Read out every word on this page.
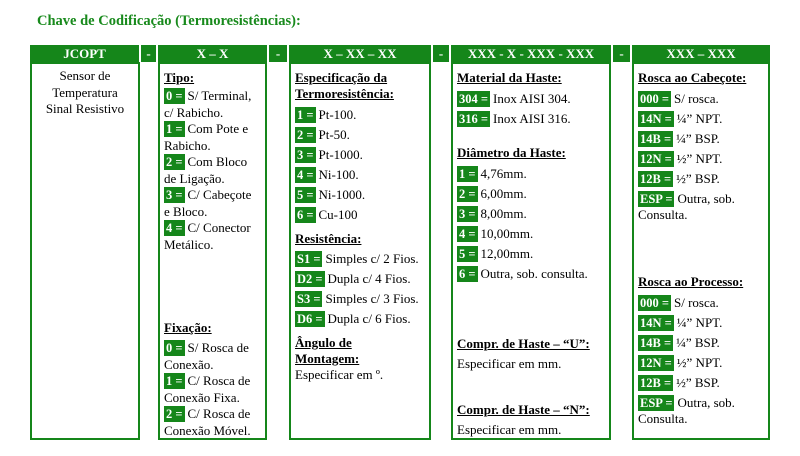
Chave de Codificação (Termoresistências):
JCOPT	-	X – X	-	X – XX – XX	-	XXX - X - XXX - XXX	-	XXX – XXX
Sensor de
Temperatura
Sinal Resistivo
Tipo:
0 = S/ Terminal,
c/ Rabicho.
1 = Com Pote e
Rabicho.
2 = Com Bloco
de Ligação.
3 = C/ Cabeçote
e Bloco.
4 = C/ Conector
Metálico.
Fixação:
0 = S/ Rosca de
Conexão.
1 = C/ Rosca de
Conexão Fixa.
2 = C/ Rosca de
Conexão Móvel.
Especificação da Termoresistência:
1 = Pt-100.
2 = Pt-50.
3 = Pt-1000.
4 = Ni-100.
5 = Ni-1000.
6 = Cu-100
Resistência:
S1 = Simples c/ 2 Fios.
D2 = Dupla c/ 4 Fios.
S3 = Simples c/ 3 Fios.
D6 = Dupla c/ 6 Fios.
Ângulo de Montagem:
Especificar em º.
Material da Haste:
304 = Inox AISI 304.
316 = Inox AISI 316.
Diâmetro da Haste:
1 = 4,76mm.
2 = 6,00mm.
3 = 8,00mm.
4 = 10,00mm.
5 = 12,00mm.
6 = Outra, sob. consulta.
Compr. de Haste – “U”:
Especificar em mm.
Compr. de Haste – “N”:
Especificar em mm.
Rosca ao Cabeçote:
000 = S/ rosca.
14N = ¼” NPT.
14B = ¼” BSP.
12N = ½” NPT.
12B = ½” BSP.
ESP = Outra, sob. Consulta.
Rosca ao Processo:
000 = S/ rosca.
14N = ¼” NPT.
14B = ¼” BSP.
12N = ½” NPT.
12B = ½” BSP.
ESP = Outra, sob. Consulta.
